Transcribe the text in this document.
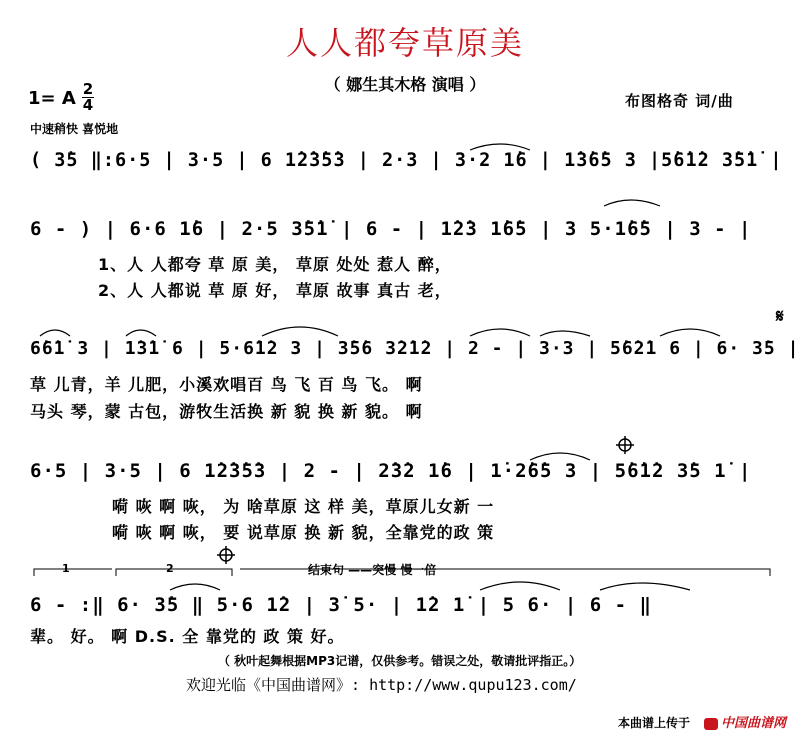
人人都夸草原美
（ 娜生其木格 演唱 ）
1= A 2
4
中速稍快 喜悦地
布图格奇 词/曲
( 3̇5 ‖:6·5 | 3·5 | 6 1̇2̇3̇5̇3 | 2·3 | 3·2 1̇6 | 1̇3̇6̇5 3 |5̇6̇1̇2 3̇5̇1̇ |
6 - ) | 6·6 1̇6 | 2·5 3̇5̇1̇ | 6 - | 1̇2̇3 1̇6̇5 | 3 5·1̇6̇5 | 3 - |
1、人 人都夸 草 原 美， 草原 处处 惹人 醉，
2、人 人都说 草 原 好， 草原 故事 真古 老，
6̇6̇1̇ 3 | 1̇3̇1̇ 6 | 5·6̇1̇2 3 | 3̇5̇6 3̇2̇1̇2 | 2 - | 3·3 | 5̇6̇2̇1 6 | 6· 3̇5 |
草 儿青，羊 儿肥，小溪欢唱百 鸟 飞 百 鸟 飞。 啊
马头 琴，蒙 古包，游牧生活换 新 貌 换 新 貌。 啊
6·5 | 3·5 | 6 1̇2̇3̇5̇3 | 2 - | 2̇3̇2 1̇6 | 1̇·2̇6̇5 3 | 5̇6̇1̇2 3̇5 1̇ |
嗬 咴 啊 咴， 为 啥草原 这 样 美，草原儿女新 一
嗬 咴 啊 咴， 要 说草原 换 新 貌，全靠党的政 策
1	2	结束句 ——突慢 慢一倍
6 - :‖ 6· 3̇5 ‖ 5·6 1̇2 | 3̇ 5· | 1̇2 1̇ | 5 6· | 6 - ‖
辈。 好。 啊 D.S. 全 靠党的 政 策 好。
（ 秋叶起舞根据MP3记谱，仅供参考。错误之处，敬请批评指正。）
欢迎光临《中国曲谱网》: http://www.qupu123.com/
本曲谱上传于	中国曲谱网
𝄋
